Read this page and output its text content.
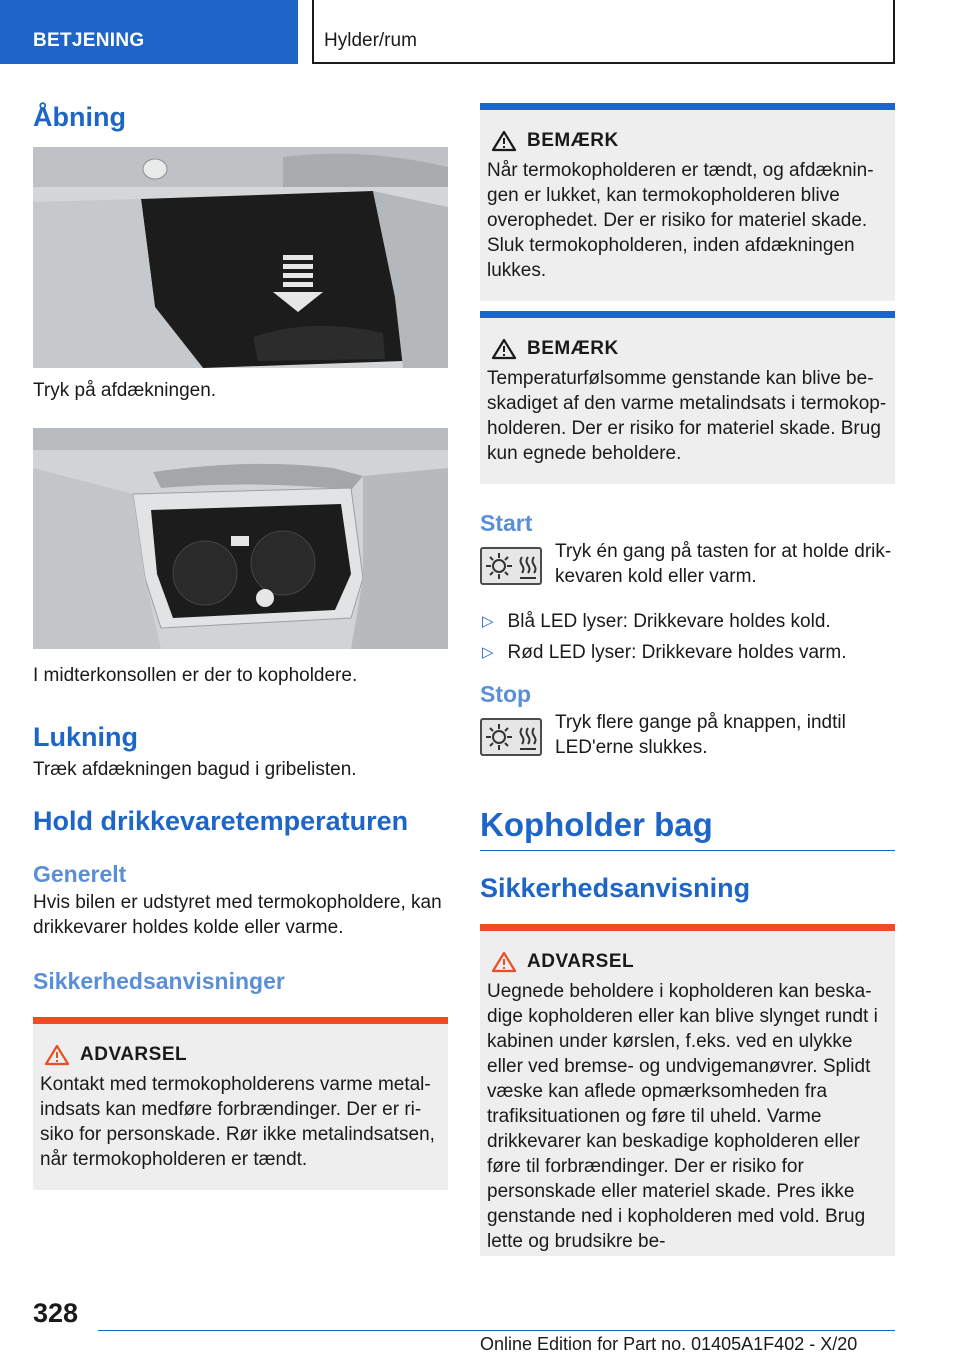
BETJENING	Hylder/rum
Åbning

Tryk på afdækningen.

I midterkonsollen er der to kopholdere.

Lukning

Træk afdækningen bagud i gribelisten.

Hold drikkevaretemperaturen
Generelt

Hvis bilen er udstyret med termokopholdere, kan drikkevarer holdes kolde eller varme.

Sikkerhedsanvisninger
ADVARSEL

Kontakt med termokopholderens varme metalindsats kan medføre forbrændinger. Der er risiko for personskade. Rør ikke metalindsatsen, når termokopholderen er tændt.

BEMÆRK

Når termokopholderen er tændt, og afdækningen er lukket, kan termokopholderen blive overophedet. Der er risiko for materiel skade. Sluk termokopholderen, inden afdækningen lukkes.

BEMÆRK

Temperaturfølsomme genstande kan blive beskadiget af den varme metalindsats i termokopholderen. Der er risiko for materiel skade. Brug kun egnede beholdere.

Start

Tryk én gang på tasten for at holde drikkevaren kold eller varm.

▷ Blå LED lyser: Drikkevare holdes kold.
▷ Rød LED lyser: Drikkevare holdes varm.
Stop

Tryk flere gange på knappen, indtil LED'erne slukkes.

Kopholder bag
Sikkerhedsanvisning
ADVARSEL

Uegnede beholdere i kopholderen kan beskadige kopholderen eller kan blive slynget rundt i kabinen under kørslen, f.eks. ved en ulykke eller ved bremse- og undvigemanøvrer. Splidt væske kan aflede opmærksomheden fra trafiksituationen og føre til uheld. Varme drikkevarer kan beskadige kopholderen eller føre til forbrændinger. Der er risiko for personskade eller materiel skade. Pres ikke genstande ned i kopholderen med vold. Brug lette og brudsikre be-

328
Online Edition for Part no. 01405A1F402 - X/20
